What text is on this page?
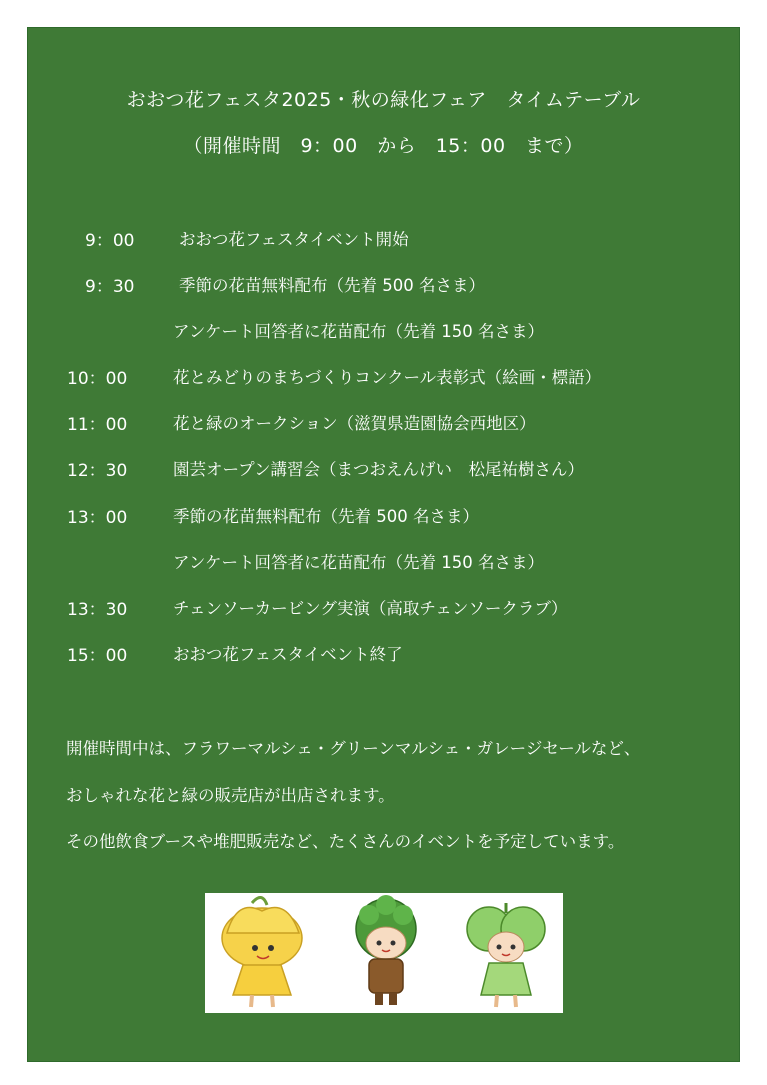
おおつ花フェスタ2025・秋の緑化フェア　タイムテーブル
（開催時間　9：00　から　15：00　まで）
9：00	おおつ花フェスタイベント開始
9：30	季節の花苗無料配布（先着 500 名さま）
アンケート回答者に花苗配布（先着 150 名さま）
10：00	花とみどりのまちづくりコンクール表彰式（絵画・標語）
11：00	花と緑のオークション（滋賀県造園協会西地区）
12：30	園芸オープン講習会（まつおえんげい　松尾祐樹さん）
13：00	季節の花苗無料配布（先着 500 名さま）
アンケート回答者に花苗配布（先着 150 名さま）
13：30	チェンソーカービング実演（高取チェンソークラブ）
15：00	おおつ花フェスタイベント終了
開催時間中は、フラワーマルシェ・グリーンマルシェ・ガレージセールなど、
おしゃれな花と緑の販売店が出店されます。
その他飲食ブースや堆肥販売など、たくさんのイベントを予定しています。
